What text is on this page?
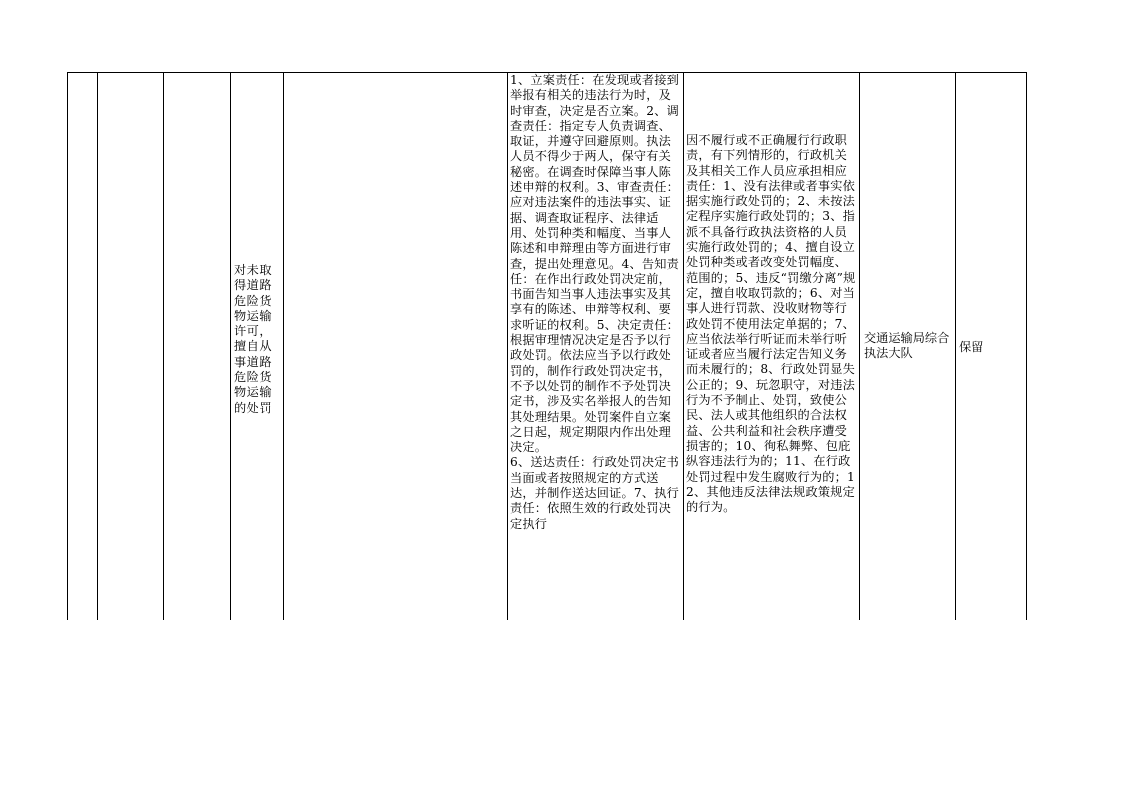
对未取得道路危险货物运输许可，擅自从事道路危险货物运输的处罚

1、立案责任：在发现或者接到举报有相关的违法行为时，及时审查，决定是否立案。2、调查责任：指定专人负责调查、取证，并遵守回避原则。执法人员不得少于两人，保守有关秘密。在调查时保障当事人陈述申辩的权利。3、审查责任：应对违法案件的违法事实、证据、调查取证程序、法律适用、处罚种类和幅度、当事人陈述和申辩理由等方面进行审查，提出处理意见。4、告知责任：在作出行政处罚决定前，书面告知当事人违法事实及其享有的陈述、申辩等权利、要求听证的权利。5、决定责任：根据审理情况决定是否予以行政处罚。依法应当予以行政处罚的，制作行政处罚决定书，不予以处罚的制作不予处罚决定书，涉及实名举报人的告知其处理结果。处罚案件自立案之日起，规定期限内作出处理决定。

6、送达责任：行政处罚决定书当面或者按照规定的方式送达，并制作送达回证。7、执行责任：依照生效的行政处罚决定执行

因不履行或不正确履行行政职责，有下列情形的，行政机关及其相关工作人员应承担相应责任：1、没有法律或者事实依据实施行政处罚的；2、未按法定程序实施行政处罚的；3、指派不具备行政执法资格的人员实施行政处罚的；4、擅自设立处罚种类或者改变处罚幅度、范围的；5、违反“罚缴分离”规定，擅自收取罚款的；6、对当事人进行罚款、没收财物等行政处罚不使用法定单据的；7、应当依法举行听证而未举行听证或者应当履行法定告知义务而未履行的；8、行政处罚显失公正的；9、玩忽职守，对违法行为不予制止、处罚，致使公民、法人或其他组织的合法权益、公共利益和社会秩序遭受损害的；10、徇私舞弊、包庇纵容违法行为的；11、在行政处罚过程中发生腐败行为的；12、其他违反法律法规政策规定的行为。
交通运输局综合执法大队	保留
